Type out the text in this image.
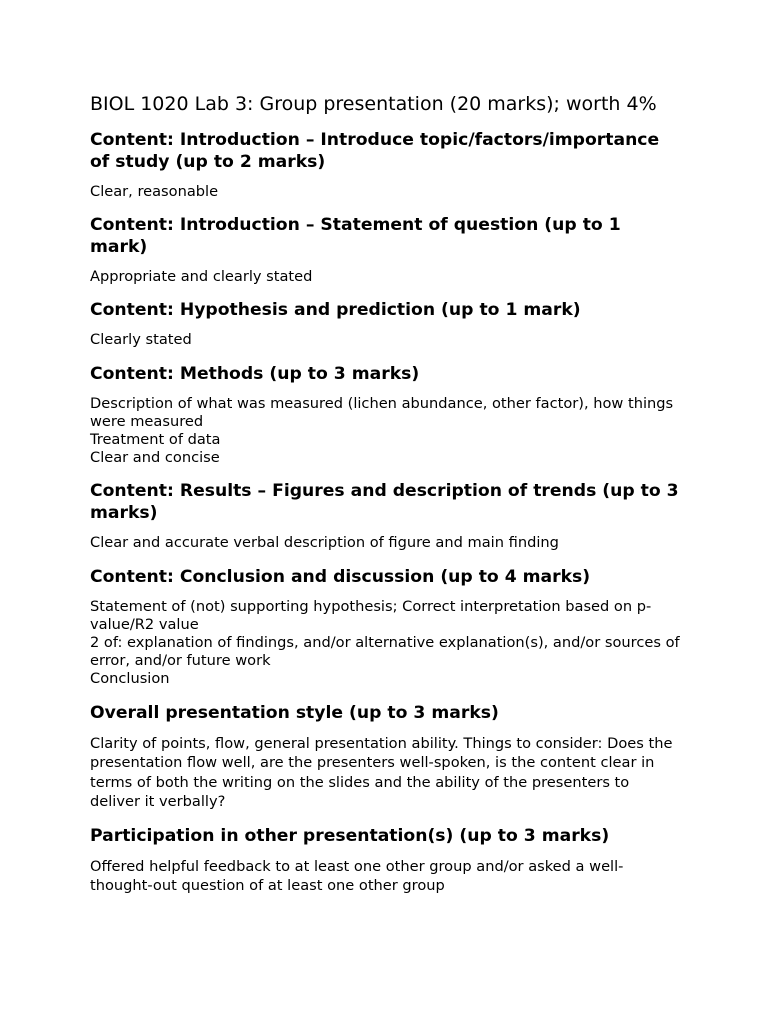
BIOL 1020 Lab 3: Group presentation (20 marks); worth 4%
Content: Introduction – Introduce topic/factors/importance of study (up to 2 marks)
Clear, reasonable
Content: Introduction – Statement of question (up to 1 mark)
Appropriate and clearly stated
Content: Hypothesis and prediction (up to 1 mark)
Clearly stated
Content: Methods (up to 3 marks)
Description of what was measured (lichen abundance, other factor), how things were measured
Treatment of data
Clear and concise
Content: Results – Figures and description of trends (up to 3 marks)
Clear and accurate verbal description of figure and main finding
Content: Conclusion and discussion (up to 4 marks)
Statement of (not) supporting hypothesis; Correct interpretation based on p-value/R2 value
2 of: explanation of findings, and/or alternative explanation(s), and/or sources of error, and/or future work
Conclusion
Overall presentation style (up to 3 marks)
Clarity of points, flow, general presentation ability. Things to consider: Does the presentation flow well, are the presenters well-spoken, is the content clear in terms of both the writing on the slides and the ability of the presenters to deliver it verbally?
Participation in other presentation(s) (up to 3 marks)
Offered helpful feedback to at least one other group and/or asked a well-thought-out question of at least one other group
